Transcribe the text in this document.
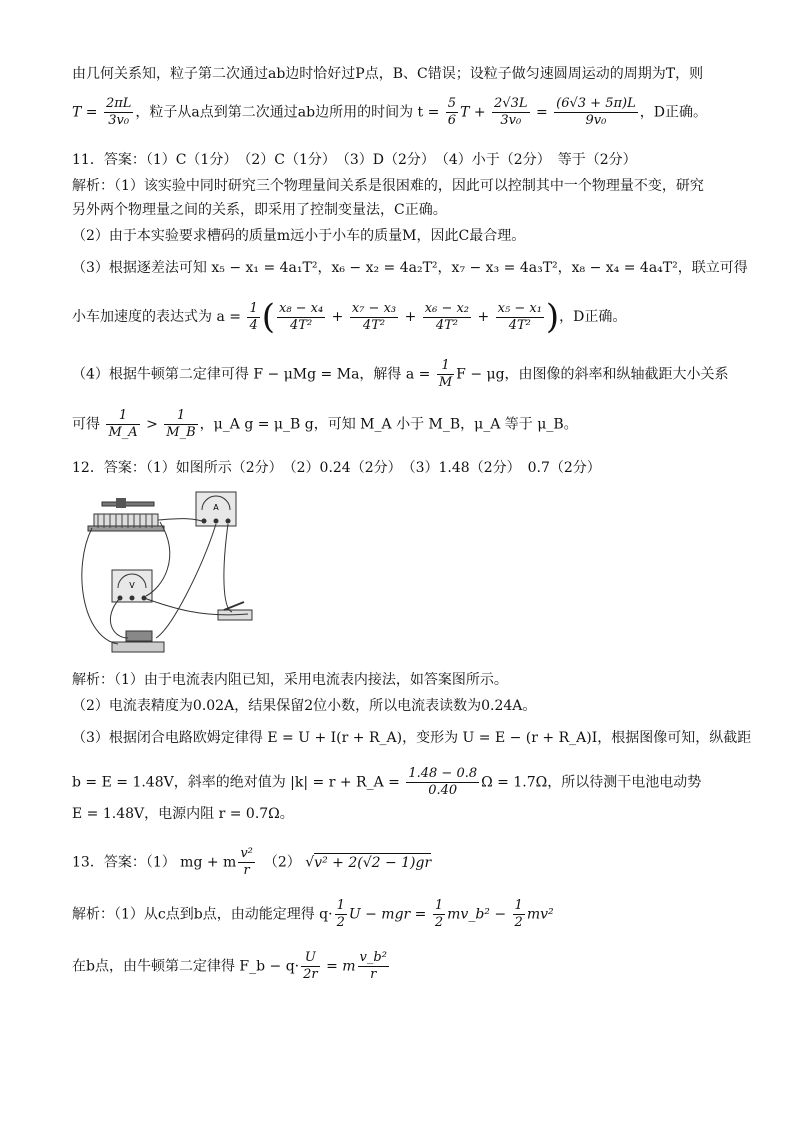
由几何关系知，粒子第二次通过ab边时恰好过P点，B、C错误；设粒子做匀速圆周运动的周期为T，则
$T = \frac{2\pi L}{\text{3v₀}}$ ，粒子从a点到第二次通过ab边所用的时间为 $t = \frac{5}{6}$ $T + \frac{2√3L}{\text{3v₀}} = \frac{(6√3 + 5\pi)L}{\text{9v₀}}$ ，D正确。
11．答案：（1）C（1分）　（2）C（1分）　（3）D（2分）　（4）小于（2分）　等于（2分）
解析：（1）该实验中同时研究三个物理量间关系是很困难的，因此可以控制其中一个物理量不变，研究
另外两个物理量之间的关系，即采用了控制变量法，C正确。
（2）由于本实验要求槽码的质量m远小于小车的质量M，因此C最合理。
（3）根据逐差法可知 x₅ − x₁ = 4a₁T²，x₆ − x₂ = 4a₂T²，x₇ − x₃ = 4a₃T²，x₈ − x₄ = 4a₄T²，联立可得
小车加速度的表达式为 $a = \frac{1}{4}$ ( $\frac{\text{x₈ − x₄}}{\text{4T²}} + \frac{\text{x₇ − x₃}}{\text{4T²}} + \frac{\text{x₆ − x₂}}{\text{4T²}} + \frac{\text{x₅ − x₁}}{\text{4T²}}$ )，D正确。
（4）根据牛顿第二定律可得 F − μMg = Ma，解得 $a = \frac{1}{M}$ F − μg，由图像的斜率和纵轴截距大小关系
可得 $\frac{1}{M\_A} > \frac{1}{M\_B}$ ，μ_A g = μ_B g，可知 M_A 小于 M_B，μ_A 等于 μ_B。
12．答案：（1）如图所示（2分）　（2）0.24（2分）　（3）1.48（2分）　0.7（2分）
A
V
解析：（1）由于电流表内阻已知，采用电流表内接法，如答案图所示。
（2）电流表精度为0.02A，结果保留2位小数，所以电流表读数为0.24A。
（3）根据闭合电路欧姆定律得 E = U + I(r + R_A)，变形为 U = E − (r + R_A)I，根据图像可知，纵截距
b = E = 1.48V，斜率的绝对值为 |k| = r + R_A = $\frac{1.48 - 0.8}{0.40}$ Ω = 1.7Ω，所以待测干电池电动势
E = 1.48V，电源内阻 r = 0.7Ω。
13．答案：（1） mg + m $\frac{\text{v²}}{r}$ 　（2） √v² + 2(√2 − 1)gr
解析：（1）从c点到b点，由动能定理得 $q\cdot \frac{1}{2}$ U − mgr = $\frac{1}{2}$ mv_b² − $\frac{1}{2} mv^2$
在b点，由牛顿第二定律得 F_b − $q\cdot \frac{U}{2r} = m \frac{\text{v\_b²}}{r}$
